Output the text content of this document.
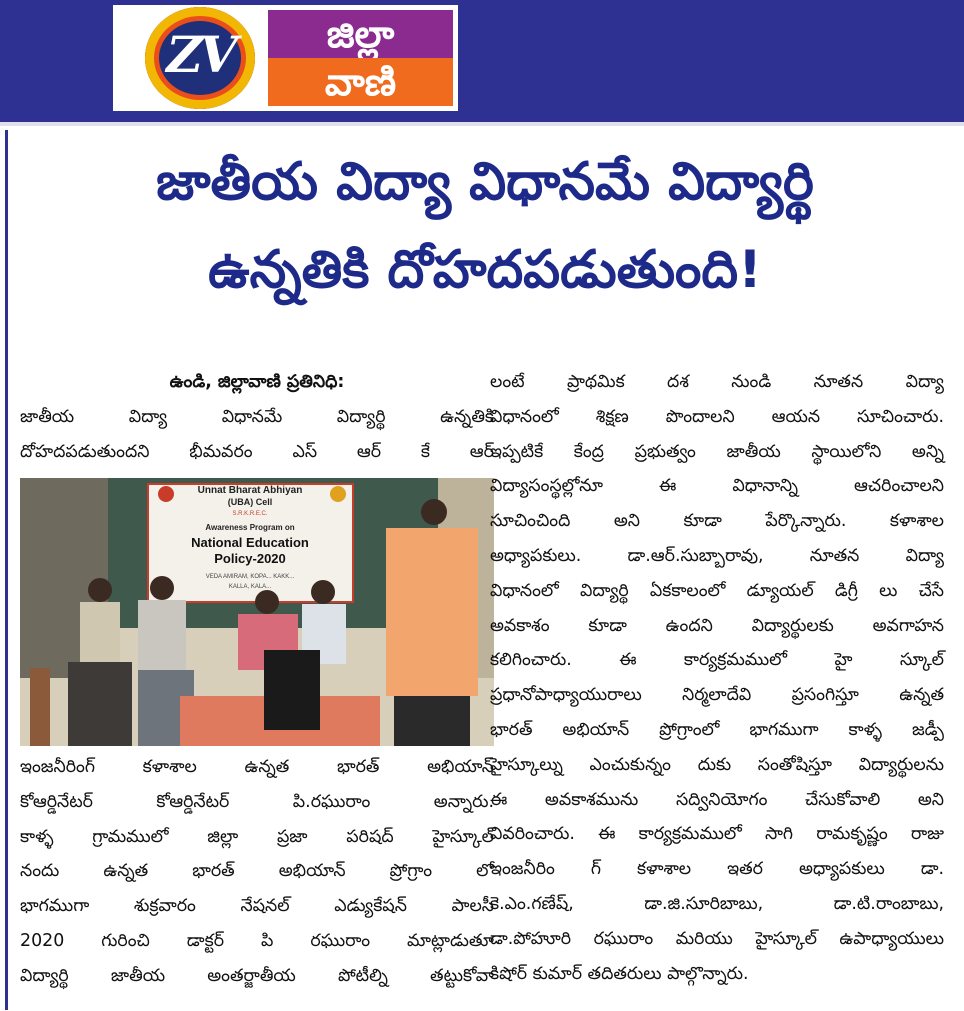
ZV	జిల్లా
వాణి
జాతీయ విద్యా విధానమే విద్యార్థి
ఉన్నతికి దోహదపడుతుంది!

ఉండి, జిల్లావాణి ప్రతినిధి:

జాతీయ విద్యా విధానమే విద్యార్థి ఉన్నతికి

దోహదపడుతుందని భీమవరం ఎస్ ఆర్ కే ఆర్

Unnat Bharat Abhiyan
(UBA) Cell
S.R.K.R.E.C.
Awareness Program on
National Education
Policy-2020
VEDA AMIRAM, KOPA... KAKK...
KALLA, KALA...

ఇంజనీరింగ్ కళాశాల ఉన్నత భారత్ అభియాన్

కోఆర్డినేటర్ కోఆర్డినేటర్ పి.రఘురాం అన్నారు.

కాళ్ళ గ్రామములో జిల్లా ప్రజా పరిషద్ హైస్కూల్

నందు ఉన్నత భారత్ అభియాన్ ప్రోగ్రాం లో

భాగముగా శుక్రవారం నేషనల్ ఎడ్యుకేషన్ పాలసీ

2020 గురించి డాక్టర్ పి రఘురాం మాట్లాడుతూ

విద్యార్థి జాతీయ అంతర్జాతీయ పోటీల్ని తట్టుకోవా

లంటే ప్రాథమిక దశ నుండి నూతన విద్యా

విధానంలో శిక్షణ పొందాలని ఆయన సూచించారు.

ఇప్పటికే కేంద్ర ప్రభుత్వం జాతీయ స్థాయిలోని అన్ని

విద్యాసంస్థల్లోనూ ఈ విధానాన్ని ఆచరించాలని

సూచించింది అని కూడా పేర్కొన్నారు. కళాశాల

అధ్యాపకులు. డా.ఆర్.సుబ్బారావు, నూతన విద్యా

విధానంలో విద్యార్థి ఏకకాలంలో డ్యూయల్ డిగ్రీ లు చేసే

అవకాశం కూడా ఉందని విద్యార్థులకు అవగాహన

కలిగించారు. ఈ కార్యక్రమములో హై స్కూల్

ప్రధానోపాధ్యాయురాలు నిర్మలాదేవి ప్రసంగిస్తూ ఉన్నత

భారత్ అభియాన్ ప్రోగ్రాంలో భాగముగా కాళ్ళ జడ్పీ

హైస్కూల్ను ఎంచుకున్నం దుకు సంతోషిస్తూ విద్యార్థులను

ఈ అవకాశమును సద్వినియోగం చేసుకోవాలి అని

వివరించారు. ఈ కార్యక్రమములో సాగి రామకృష్ణం రాజు

ఇంజనీరిం గ్ కళాశాల ఇతర అధ్యాపకులు డా.

కె.ఎం.గణేష్, డా.జి.సూరిబాబు, డా.టి.రాంబాబు,

డా.పోహూరి రఘురాం మరియు హైస్కూల్ ఉపాధ్యాయులు

కిషోర్ కుమార్ తదితరులు పాల్గొన్నారు.
